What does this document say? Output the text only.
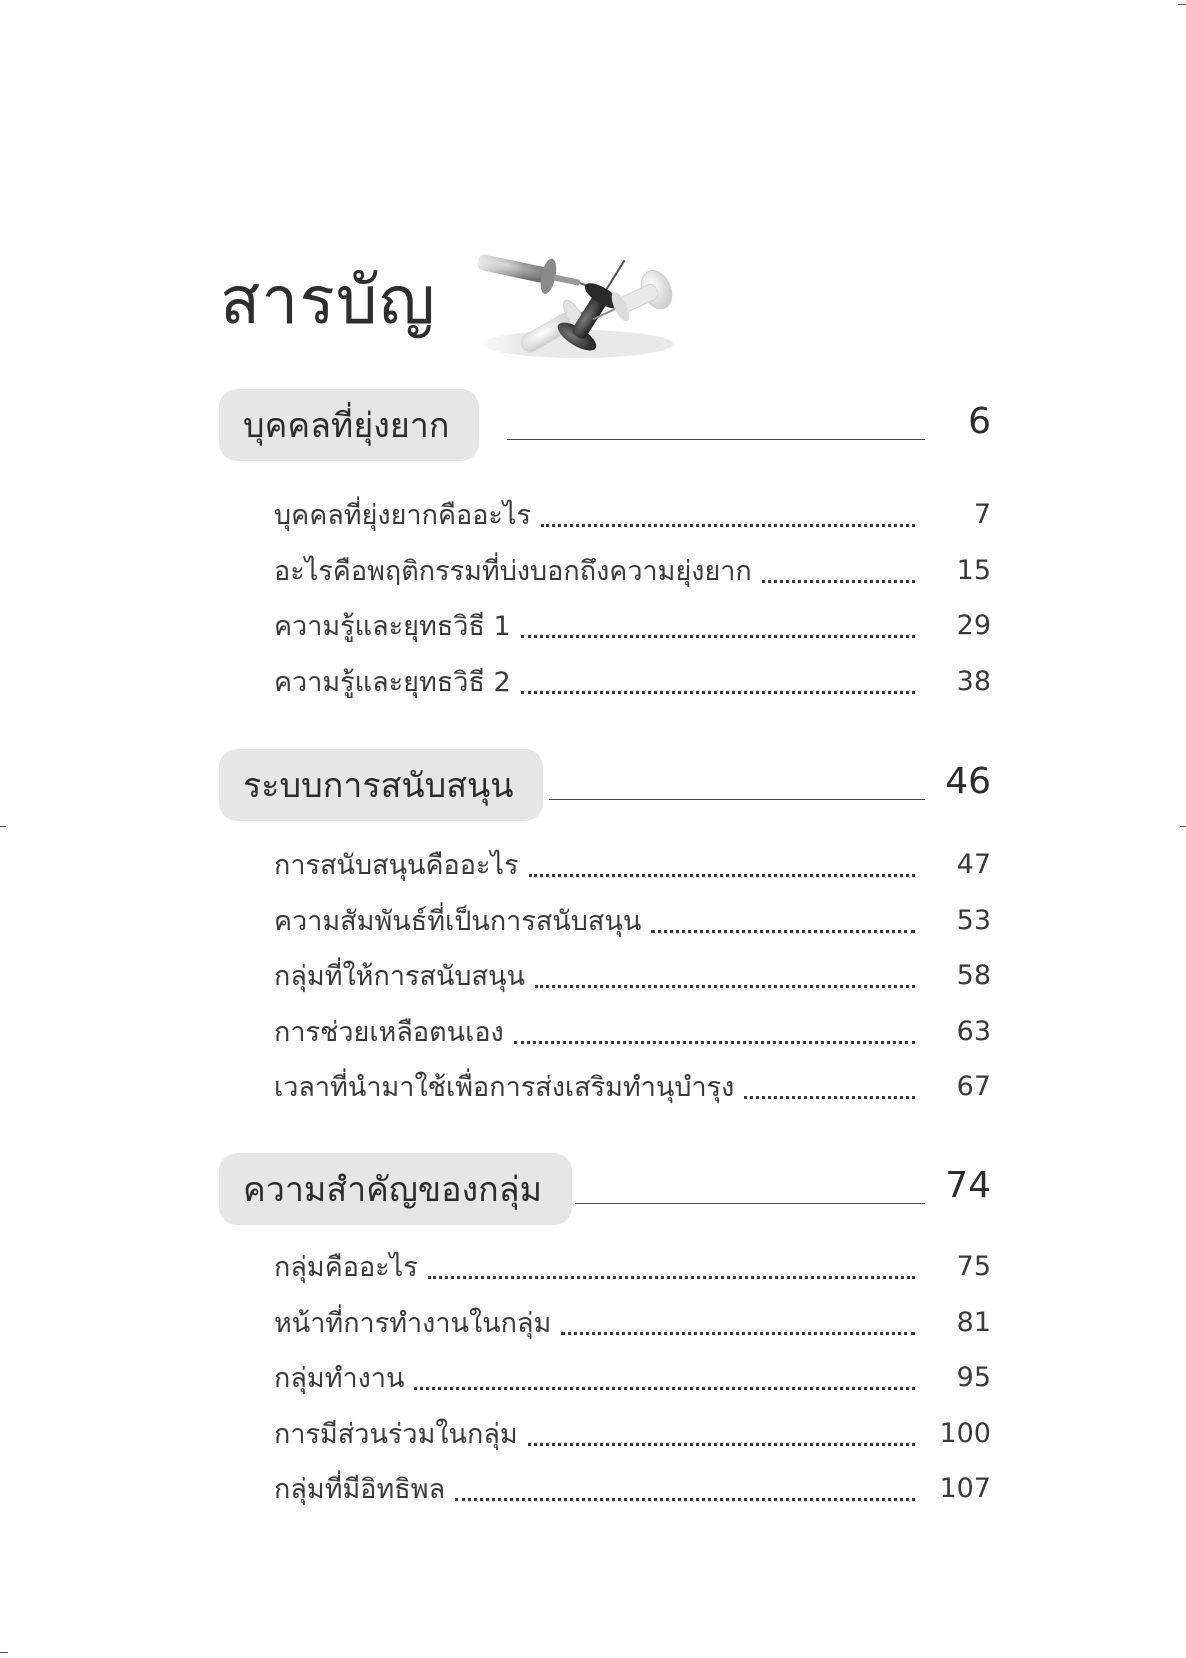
สารบัญ
บุคคลที่ยุ่งยาก	6
บุคคลที่ยุ่งยากคืออะไร	7
อะไรคือพฤติกรรมที่บ่งบอกถึงความยุ่งยาก	15
ความรู้และยุทธวิธี 1	29
ความรู้และยุทธวิธี 2	38
ระบบการสนับสนุน	46
การสนับสนุนคืออะไร	47
ความสัมพันธ์ที่เป็นการสนับสนุน	53
กลุ่มที่ให้การสนับสนุน	58
การช่วยเหลือตนเอง	63
เวลาที่นำมาใช้เพื่อการส่งเสริมทำนุบำรุง	67
ความสำคัญของกลุ่ม	74
กลุ่มคืออะไร	75
หน้าที่การทำงานในกลุ่ม	81
กลุ่มทำงาน	95
การมีส่วนร่วมในกลุ่ม	100
กลุ่มที่มีอิทธิพล	107
